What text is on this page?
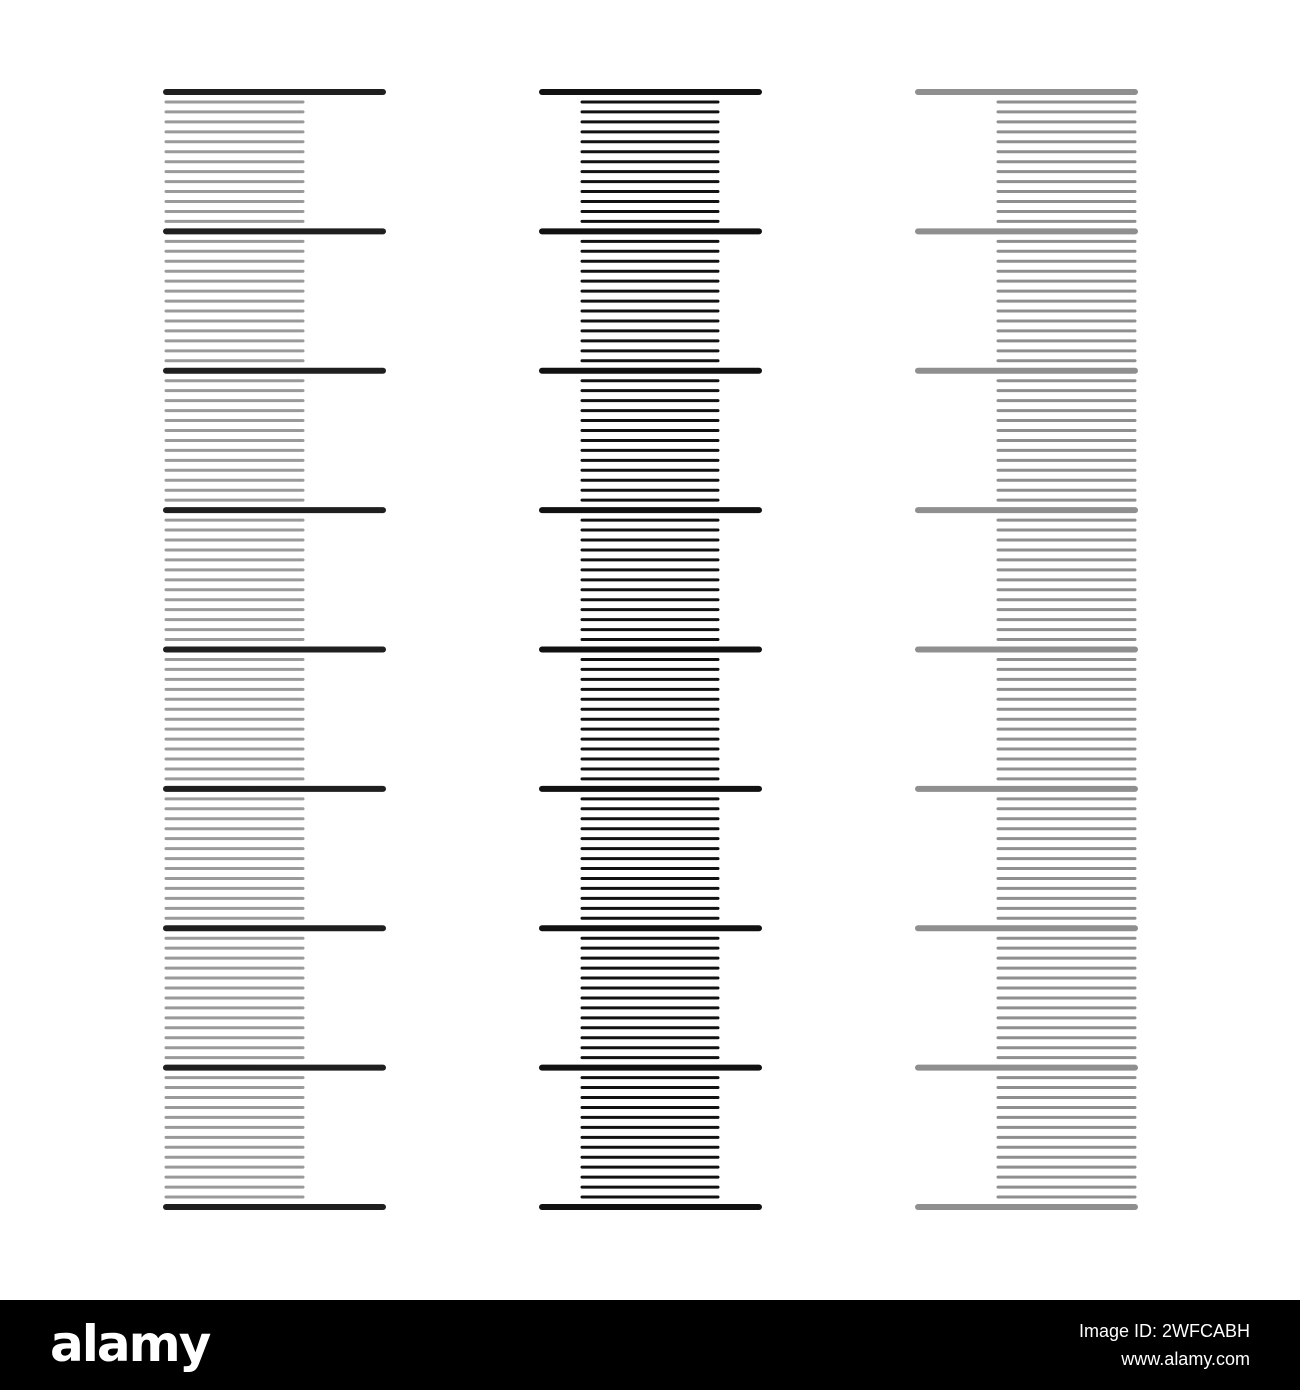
alamy	Image ID: 2WFCABH
www.alamy.com
